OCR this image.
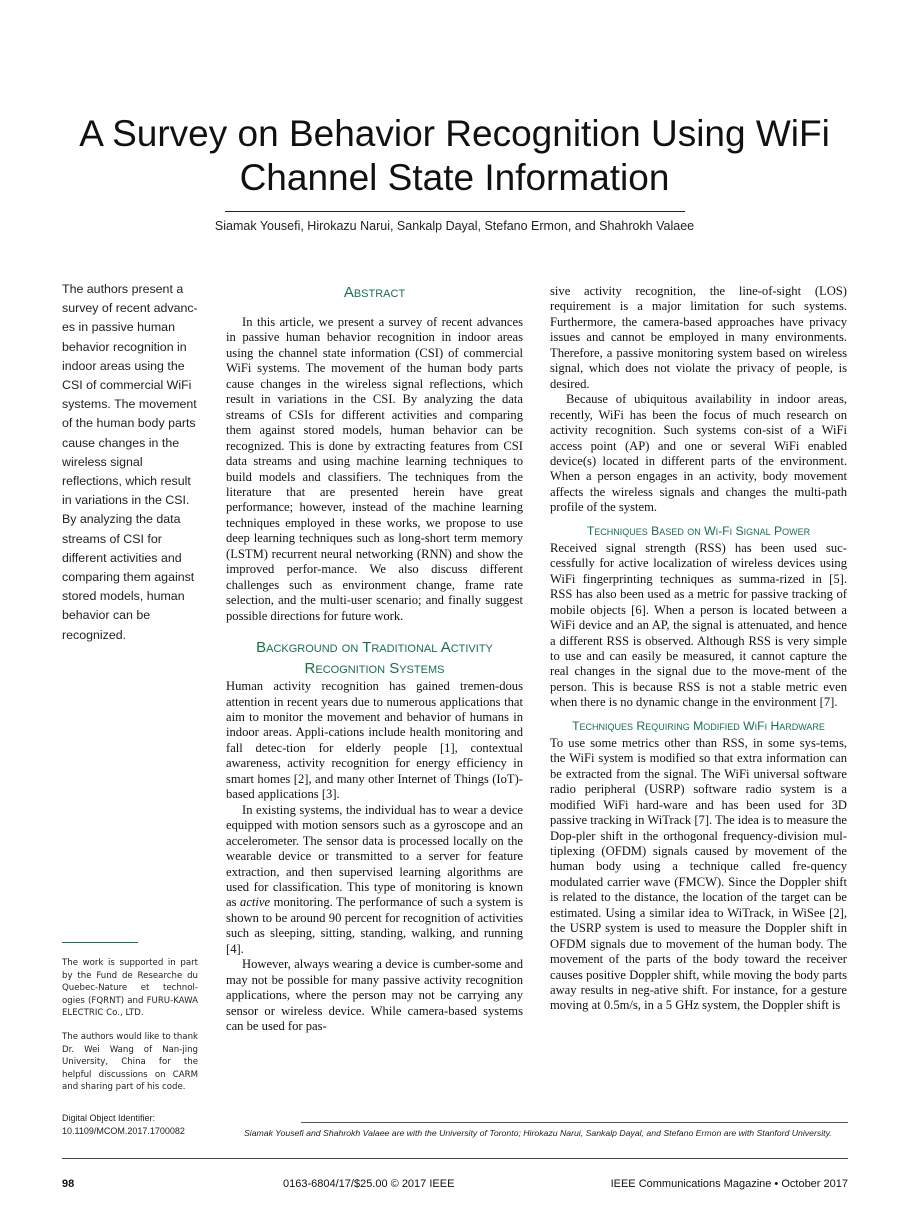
A Survey on Behavior Recognition Using WiFi
Channel State Information
Siamak Yousefi, Hirokazu Narui, Sankalp Dayal, Stefano Ermon, and Shahrokh Valaee
The authors present a survey of recent advanc-es in passive human behavior recognition in indoor areas using the CSI of commercial WiFi systems. The movement of the human body parts cause changes in the wireless signal reflections, which result in variations in the CSI. By analyzing the data streams of CSI for different activities and comparing them against stored models, human behavior can be recognized.
The work is supported in part by the Fund de Researche du Quebec-Nature et technol-ogies (FQRNT) and FURU-KAWA ELECTRIC Co., LTD.
The authors would like to thank Dr. Wei Wang of Nan-jing University, China for the helpful discussions on CARM and sharing part of his code.
Digital Object Identifier:
10.1109/MCOM.2017.1700082
Abstract

In this article, we present a survey of recent advances in passive human behavior recognition in indoor areas using the channel state information (CSI) of commercial WiFi systems. The movement of the human body parts cause changes in the wireless signal reflections, which result in variations in the CSI. By analyzing the data streams of CSIs for different activities and comparing them against stored models, human behavior can be recognized. This is done by extracting features from CSI data streams and using machine learning techniques to build models and classifiers. The techniques from the literature that are presented herein have great performance; however, instead of the machine learning techniques employed in these works, we propose to use deep learning techniques such as long-short term memory (LSTM) recurrent neural networking (RNN) and show the improved perfor-mance. We also discuss different challenges such as environment change, frame rate selection, and the multi-user scenario; and finally suggest possible directions for future work.

Background on Traditional Activity
Recognition Systems

Human activity recognition has gained tremen-dous attention in recent years due to numerous applications that aim to monitor the movement and behavior of humans in indoor areas. Appli-cations include health monitoring and fall detec-tion for elderly people [1], contextual awareness, activity recognition for energy efficiency in smart homes [2], and many other Internet of Things (IoT)-based applications [3].

In existing systems, the individual has to wear a device equipped with motion sensors such as a gyroscope and an accelerometer. The sensor data is processed locally on the wearable device or transmitted to a server for feature extraction, and then supervised learning algorithms are used for classification. This type of monitoring is known as active monitoring. The performance of such a system is shown to be around 90 percent for recognition of activities such as sleeping, sitting, standing, walking, and running [4].

However, always wearing a device is cumber-some and may not be possible for many passive activity recognition applications, where the person may not be carrying any sensor or wireless device. While camera-based systems can be used for pas-

sive activity recognition, the line-of-sight (LOS) requirement is a major limitation for such systems. Furthermore, the camera-based approaches have privacy issues and cannot be employed in many environments. Therefore, a passive monitoring system based on wireless signal, which does not violate the privacy of people, is desired.

Because of ubiquitous availability in indoor areas, recently, WiFi has been the focus of much research on activity recognition. Such systems con-sist of a WiFi access point (AP) and one or several WiFi enabled device(s) located in different parts of the environment. When a person engages in an activity, body movement affects the wireless signals and changes the multi-path profile of the system.

Techniques Based on Wi-Fi Signal Power

Received signal strength (RSS) has been used suc-cessfully for active localization of wireless devices using WiFi fingerprinting techniques as summa-rized in [5]. RSS has also been used as a metric for passive tracking of mobile objects [6]. When a person is located between a WiFi device and an AP, the signal is attenuated, and hence a different RSS is observed. Although RSS is very simple to use and can easily be measured, it cannot capture the real changes in the signal due to the move-ment of the person. This is because RSS is not a stable metric even when there is no dynamic change in the environment [7].

Techniques Requiring Modified WiFi Hardware

To use some metrics other than RSS, in some sys-tems, the WiFi system is modified so that extra information can be extracted from the signal. The WiFi universal software radio peripheral (USRP) software radio system is a modified WiFi hard-ware and has been used for 3D passive tracking in WiTrack [7]. The idea is to measure the Dop-pler shift in the orthogonal frequency-division mul-tiplexing (OFDM) signals caused by movement of the human body using a technique called fre-quency modulated carrier wave (FMCW). Since the Doppler shift is related to the distance, the location of the target can be estimated. Using a similar idea to WiTrack, in WiSee [2], the USRP system is used to measure the Doppler shift in OFDM signals due to movement of the human body. The movement of the parts of the body toward the receiver causes positive Doppler shift, while moving the body parts away results in neg-ative shift. For instance, for a gesture moving at 0.5m/s, in a 5 GHz system, the Doppler shift is

Siamak Yousefi and Shahrokh Valaee are with the University of Toronto; Hirokazu Narui, Sankalp Dayal, and Stefano Ermon are with Stanford University.
98	0163-6804/17/$25.00 © 2017 IEEE	IEEE Communications Magazine • October 2017
